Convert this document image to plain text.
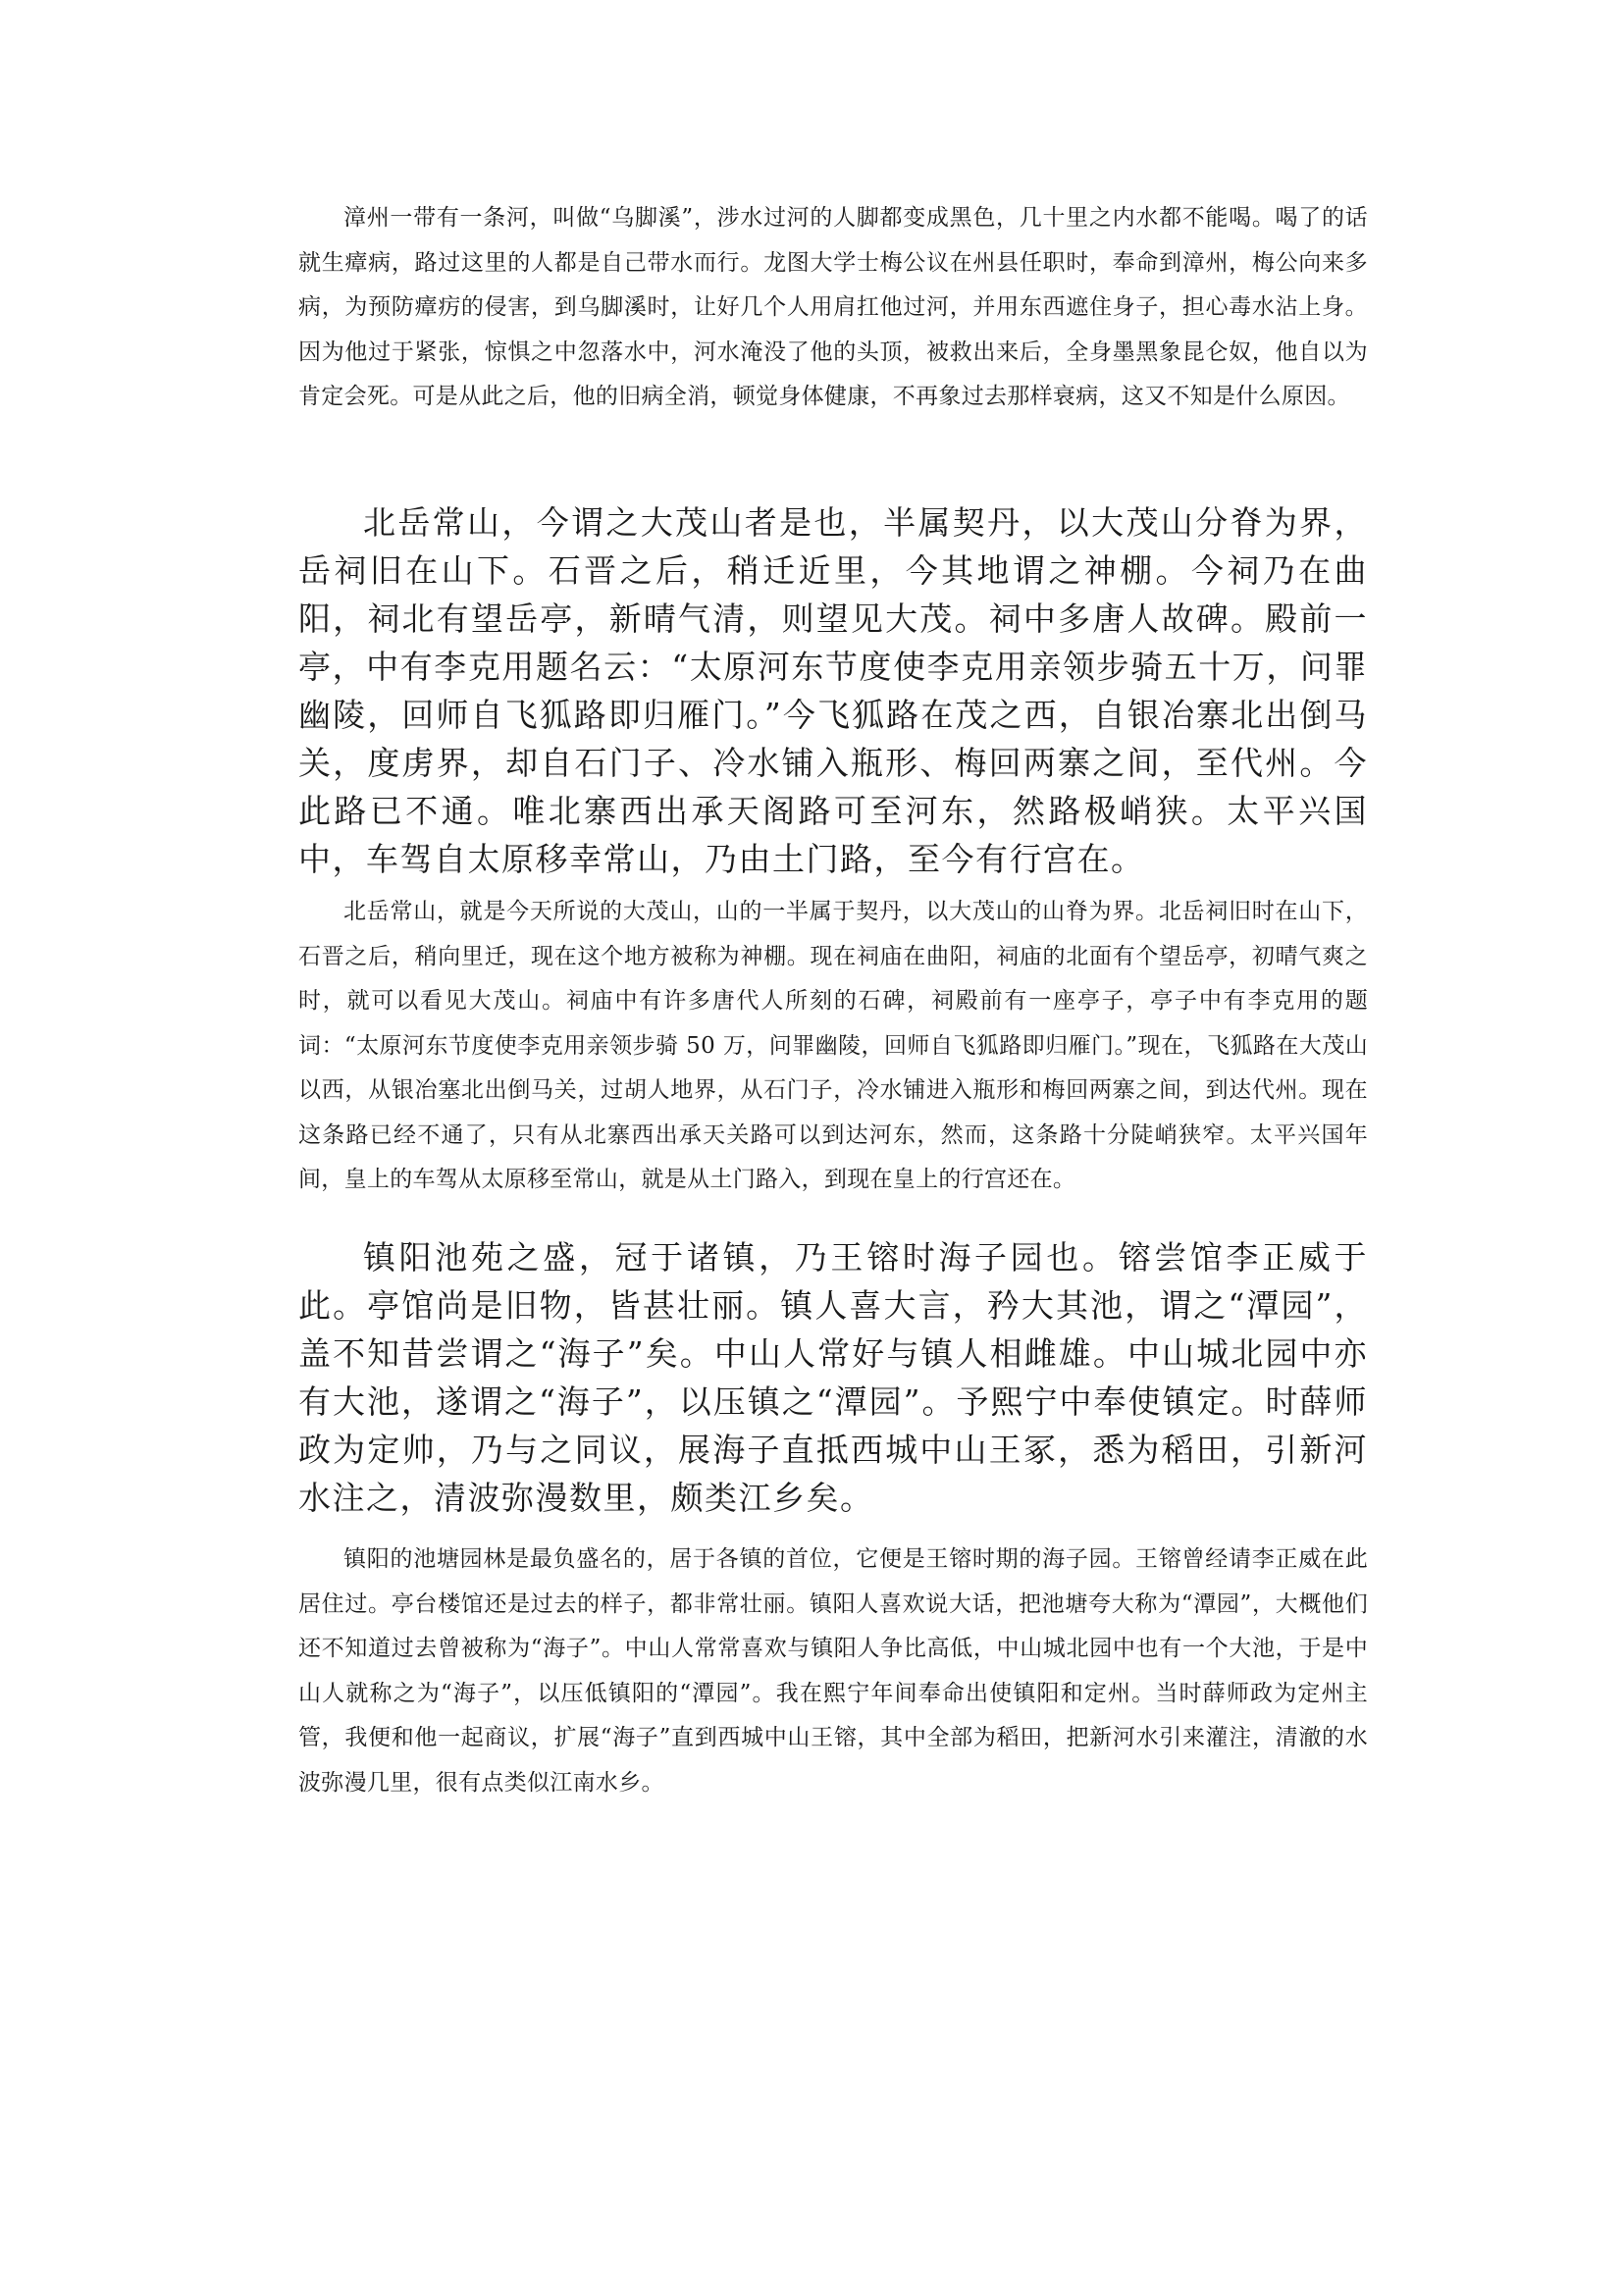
漳州一带有一条河，叫做“乌脚溪”，涉水过河的人脚都变成黑色，几十里之内水都不能喝。喝了的话就生瘴病，路过这里的人都是自己带水而行。龙图大学士梅公议在州县任职时，奉命到漳州，梅公向来多病，为预防瘴疠的侵害，到乌脚溪时，让好几个人用肩扛他过河，并用东西遮住身子，担心毒水沾上身。因为他过于紧张，惊惧之中忽落水中，河水淹没了他的头顶，被救出来后，全身墨黑象昆仑奴，他自以为肯定会死。可是从此之后，他的旧病全消，顿觉身体健康，不再象过去那样衰病，这又不知是什么原因。

北岳常山，今谓之大茂山者是也，半属契丹，以大茂山分脊为界，岳祠旧在山下。石晋之后，稍迁近里，今其地谓之神棚。今祠乃在曲阳，祠北有望岳亭，新晴气清，则望见大茂。祠中多唐人故碑。殿前一亭，中有李克用题名云：“太原河东节度使李克用亲领步骑五十万，问罪幽陵，回师自飞狐路即归雁门。”今飞狐路在茂之西，自银冶寨北出倒马关，度虏界，却自石门子、冷水铺入瓶形、梅回两寨之间，至代州。今此路已不通。唯北寨西出承天阁路可至河东，然路极峭狭。太平兴国中，车驾自太原移幸常山，乃由土门路，至今有行宫在。

北岳常山，就是今天所说的大茂山，山的一半属于契丹，以大茂山的山脊为界。北岳祠旧时在山下，石晋之后，稍向里迁，现在这个地方被称为神棚。现在祠庙在曲阳，祠庙的北面有个望岳亭，初晴气爽之时，就可以看见大茂山。祠庙中有许多唐代人所刻的石碑，祠殿前有一座亭子，亭子中有李克用的题词：“太原河东节度使李克用亲领步骑 50 万，问罪幽陵，回师自飞狐路即归雁门。”现在，飞狐路在大茂山以西，从银冶塞北出倒马关，过胡人地界，从石门子，冷水铺进入瓶形和梅回两寨之间，到达代州。现在这条路已经不通了，只有从北寨西出承天关路可以到达河东，然而，这条路十分陡峭狭窄。太平兴国年间，皇上的车驾从太原移至常山，就是从土门路入，到现在皇上的行宫还在。

镇阳池苑之盛，冠于诸镇，乃王镕时海子园也。镕尝馆李正威于此。亭馆尚是旧物，皆甚壮丽。镇人喜大言，矜大其池，谓之“潭园”，盖不知昔尝谓之“海子”矣。中山人常好与镇人相雌雄。中山城北园中亦有大池，遂谓之“海子”，以压镇之“潭园”。予熙宁中奉使镇定。时薛师政为定帅，乃与之同议，展海子直抵西城中山王冢，悉为稻田，引新河水注之，清波弥漫数里，颇类江乡矣。

镇阳的池塘园林是最负盛名的，居于各镇的首位，它便是王镕时期的海子园。王镕曾经请李正威在此居住过。亭台楼馆还是过去的样子，都非常壮丽。镇阳人喜欢说大话，把池塘夸大称为“潭园”，大概他们还不知道过去曾被称为“海子”。中山人常常喜欢与镇阳人争比高低，中山城北园中也有一个大池，于是中山人就称之为“海子”，以压低镇阳的“潭园”。我在熙宁年间奉命出使镇阳和定州。当时薛师政为定州主管，我便和他一起商议，扩展“海子”直到西城中山王镕，其中全部为稻田，把新河水引来灌注，清澈的水波弥漫几里，很有点类似江南水乡。
